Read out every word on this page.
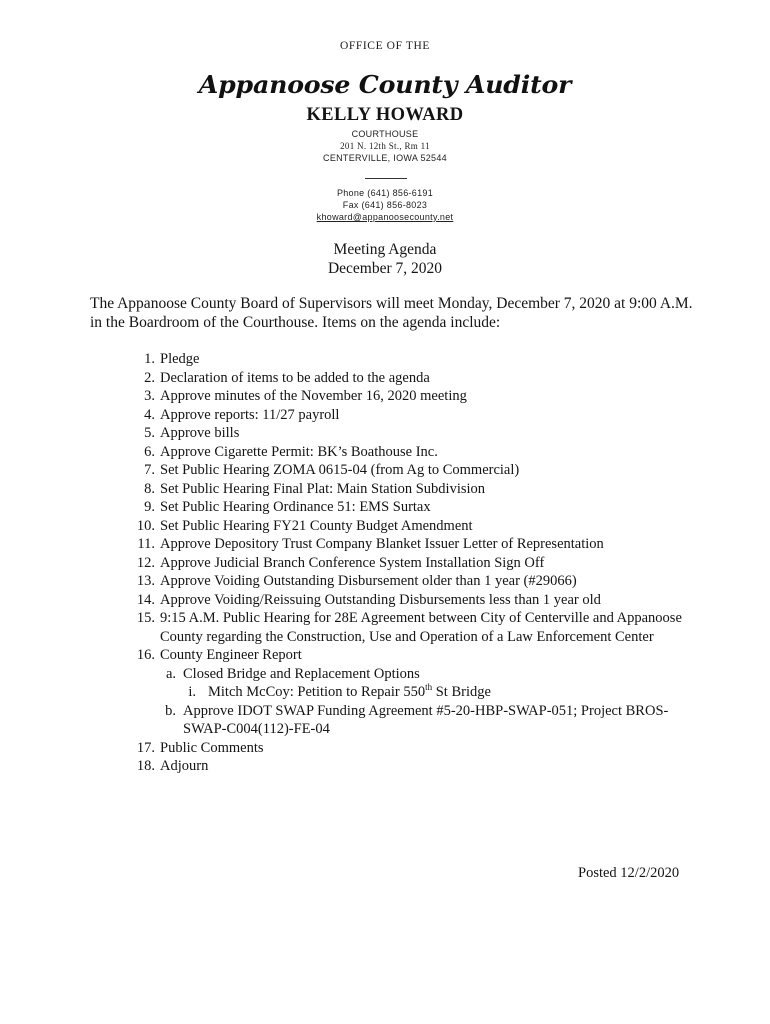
OFFICE OF THE
Appanoose County Auditor
KELLY HOWARD
COURTHOUSE
201 N. 12th St., Rm 11
CENTERVILLE, IOWA 52544
Phone (641) 856-6191
Fax (641) 856-8023
khoward@appanoosecounty.net
Meeting Agenda
December 7, 2020
The Appanoose County Board of Supervisors will meet Monday, December 7, 2020 at 9:00 A.M. in the Boardroom of the Courthouse. Items on the agenda include:
1. Pledge
2. Declaration of items to be added to the agenda
3. Approve minutes of the November 16, 2020 meeting
4. Approve reports: 11/27 payroll
5. Approve bills
6. Approve Cigarette Permit: BK’s Boathouse Inc.
7. Set Public Hearing ZOMA 0615-04 (from Ag to Commercial)
8. Set Public Hearing Final Plat: Main Station Subdivision
9. Set Public Hearing Ordinance 51: EMS Surtax
10. Set Public Hearing FY21 County Budget Amendment
11. Approve Depository Trust Company Blanket Issuer Letter of Representation
12. Approve Judicial Branch Conference System Installation Sign Off
13. Approve Voiding Outstanding Disbursement older than 1 year (#29066)
14. Approve Voiding/Reissuing Outstanding Disbursements less than 1 year old
15. 9:15 A.M. Public Hearing for 28E Agreement between City of Centerville and Appanoose County regarding the Construction, Use and Operation of a Law Enforcement Center
16. County Engineer Report
a. Closed Bridge and Replacement Options
i. Mitch McCoy: Petition to Repair 550th St Bridge
b. Approve IDOT SWAP Funding Agreement #5-20-HBP-SWAP-051; Project BROS-SWAP-C004(112)-FE-04
17. Public Comments
18. Adjourn
Posted 12/2/2020
